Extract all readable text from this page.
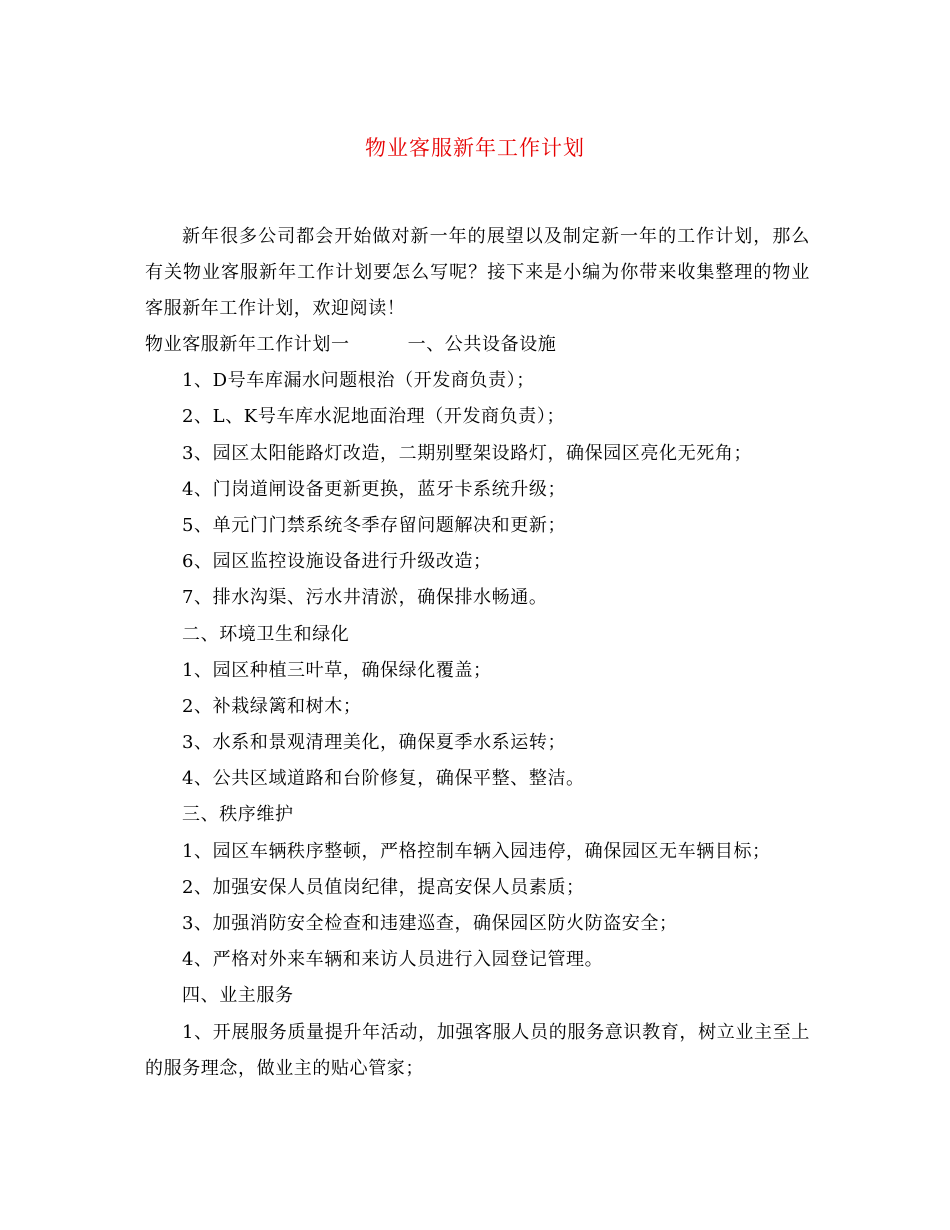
物业客服新年工作计划
新年很多公司都会开始做对新一年的展望以及制定新一年的工作计划，那么有关物业客服新年工作计划要怎么写呢？接下来是小编为你带来收集整理的物业客服新年工作计划，欢迎阅读！
物业客服新年工作计划一	一、公共设备设施
1、D号车库漏水问题根治（开发商负责）；
2、L、K号车库水泥地面治理（开发商负责）；
3、园区太阳能路灯改造，二期别墅架设路灯，确保园区亮化无死角；
4、门岗道闸设备更新更换，蓝牙卡系统升级；
5、单元门门禁系统冬季存留问题解决和更新；
6、园区监控设施设备进行升级改造；
7、排水沟渠、污水井清淤，确保排水畅通。
二、环境卫生和绿化
1、园区种植三叶草，确保绿化覆盖；
2、补栽绿篱和树木；
3、水系和景观清理美化，确保夏季水系运转；
4、公共区域道路和台阶修复，确保平整、整洁。
三、秩序维护
1、园区车辆秩序整顿，严格控制车辆入园违停，确保园区无车辆目标；
2、加强安保人员值岗纪律，提高安保人员素质；
3、加强消防安全检查和违建巡查，确保园区防火防盗安全；
4、严格对外来车辆和来访人员进行入园登记管理。
四、业主服务
1、开展服务质量提升年活动，加强客服人员的服务意识教育，树立业主至上的服务理念，做业主的贴心管家；
